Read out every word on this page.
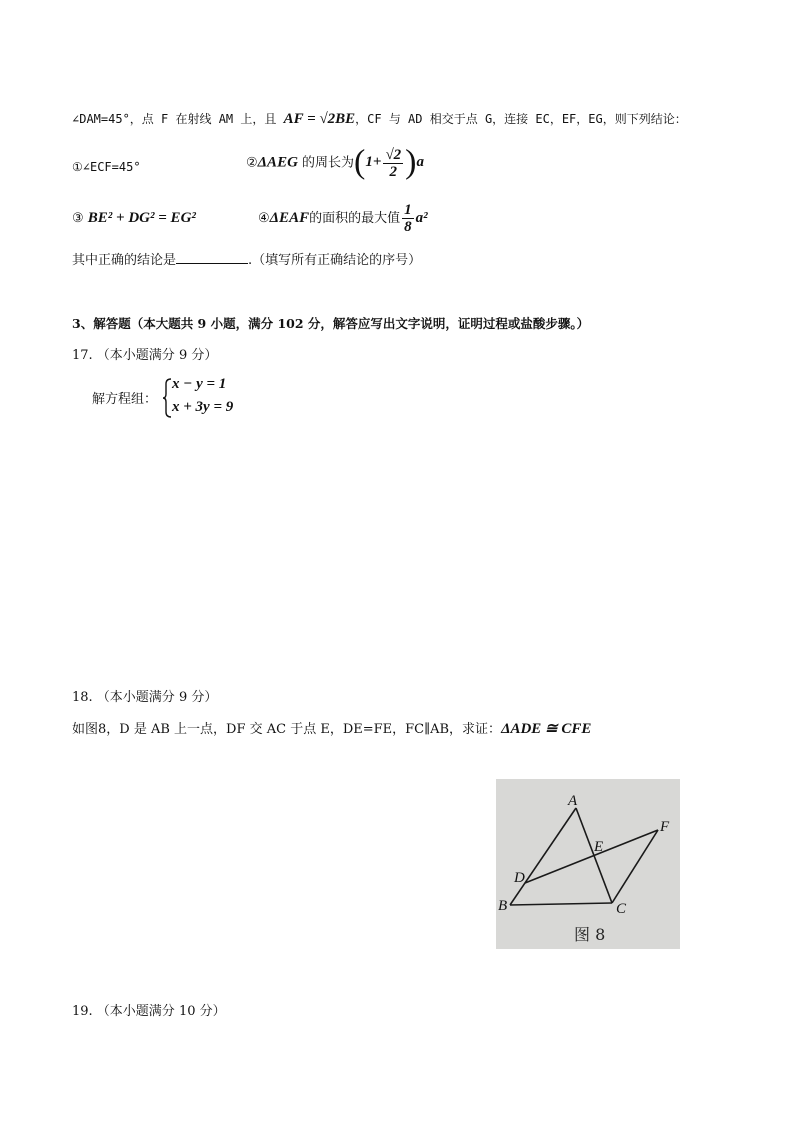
∠DAM=45°，点 F 在射线 AM 上，且 AF = √2BE，CF 与 AD 相交于点 G，连接 EC，EF，EG，则下列结论：
①∠ECF=45°	②ΔAEG 的周长为$(1+ \frac{√2}{2} )a$
③ BE² + DG² = EG²	④ΔEAF的面积的最大值 $\frac{1}{8} a^2$
其中正确的结论是	.（填写所有正确结论的序号）
3、解答题（本大题共 9 小题，满分 102 分，解答应写出文字说明，证明过程或盐酸步骤。）
17. （本小题满分 9 分）
解方程组：
x − y = 1
x + 3y = 9
18. （本小题满分 9 分）
如图8，D 是 AB 上一点，DF 交 AC 于点 E，DE=FE，FC∥AB，求证：ΔADE ≅ CFE
A
B	C
D
E
F
图 8
19. （本小题满分 10 分）
